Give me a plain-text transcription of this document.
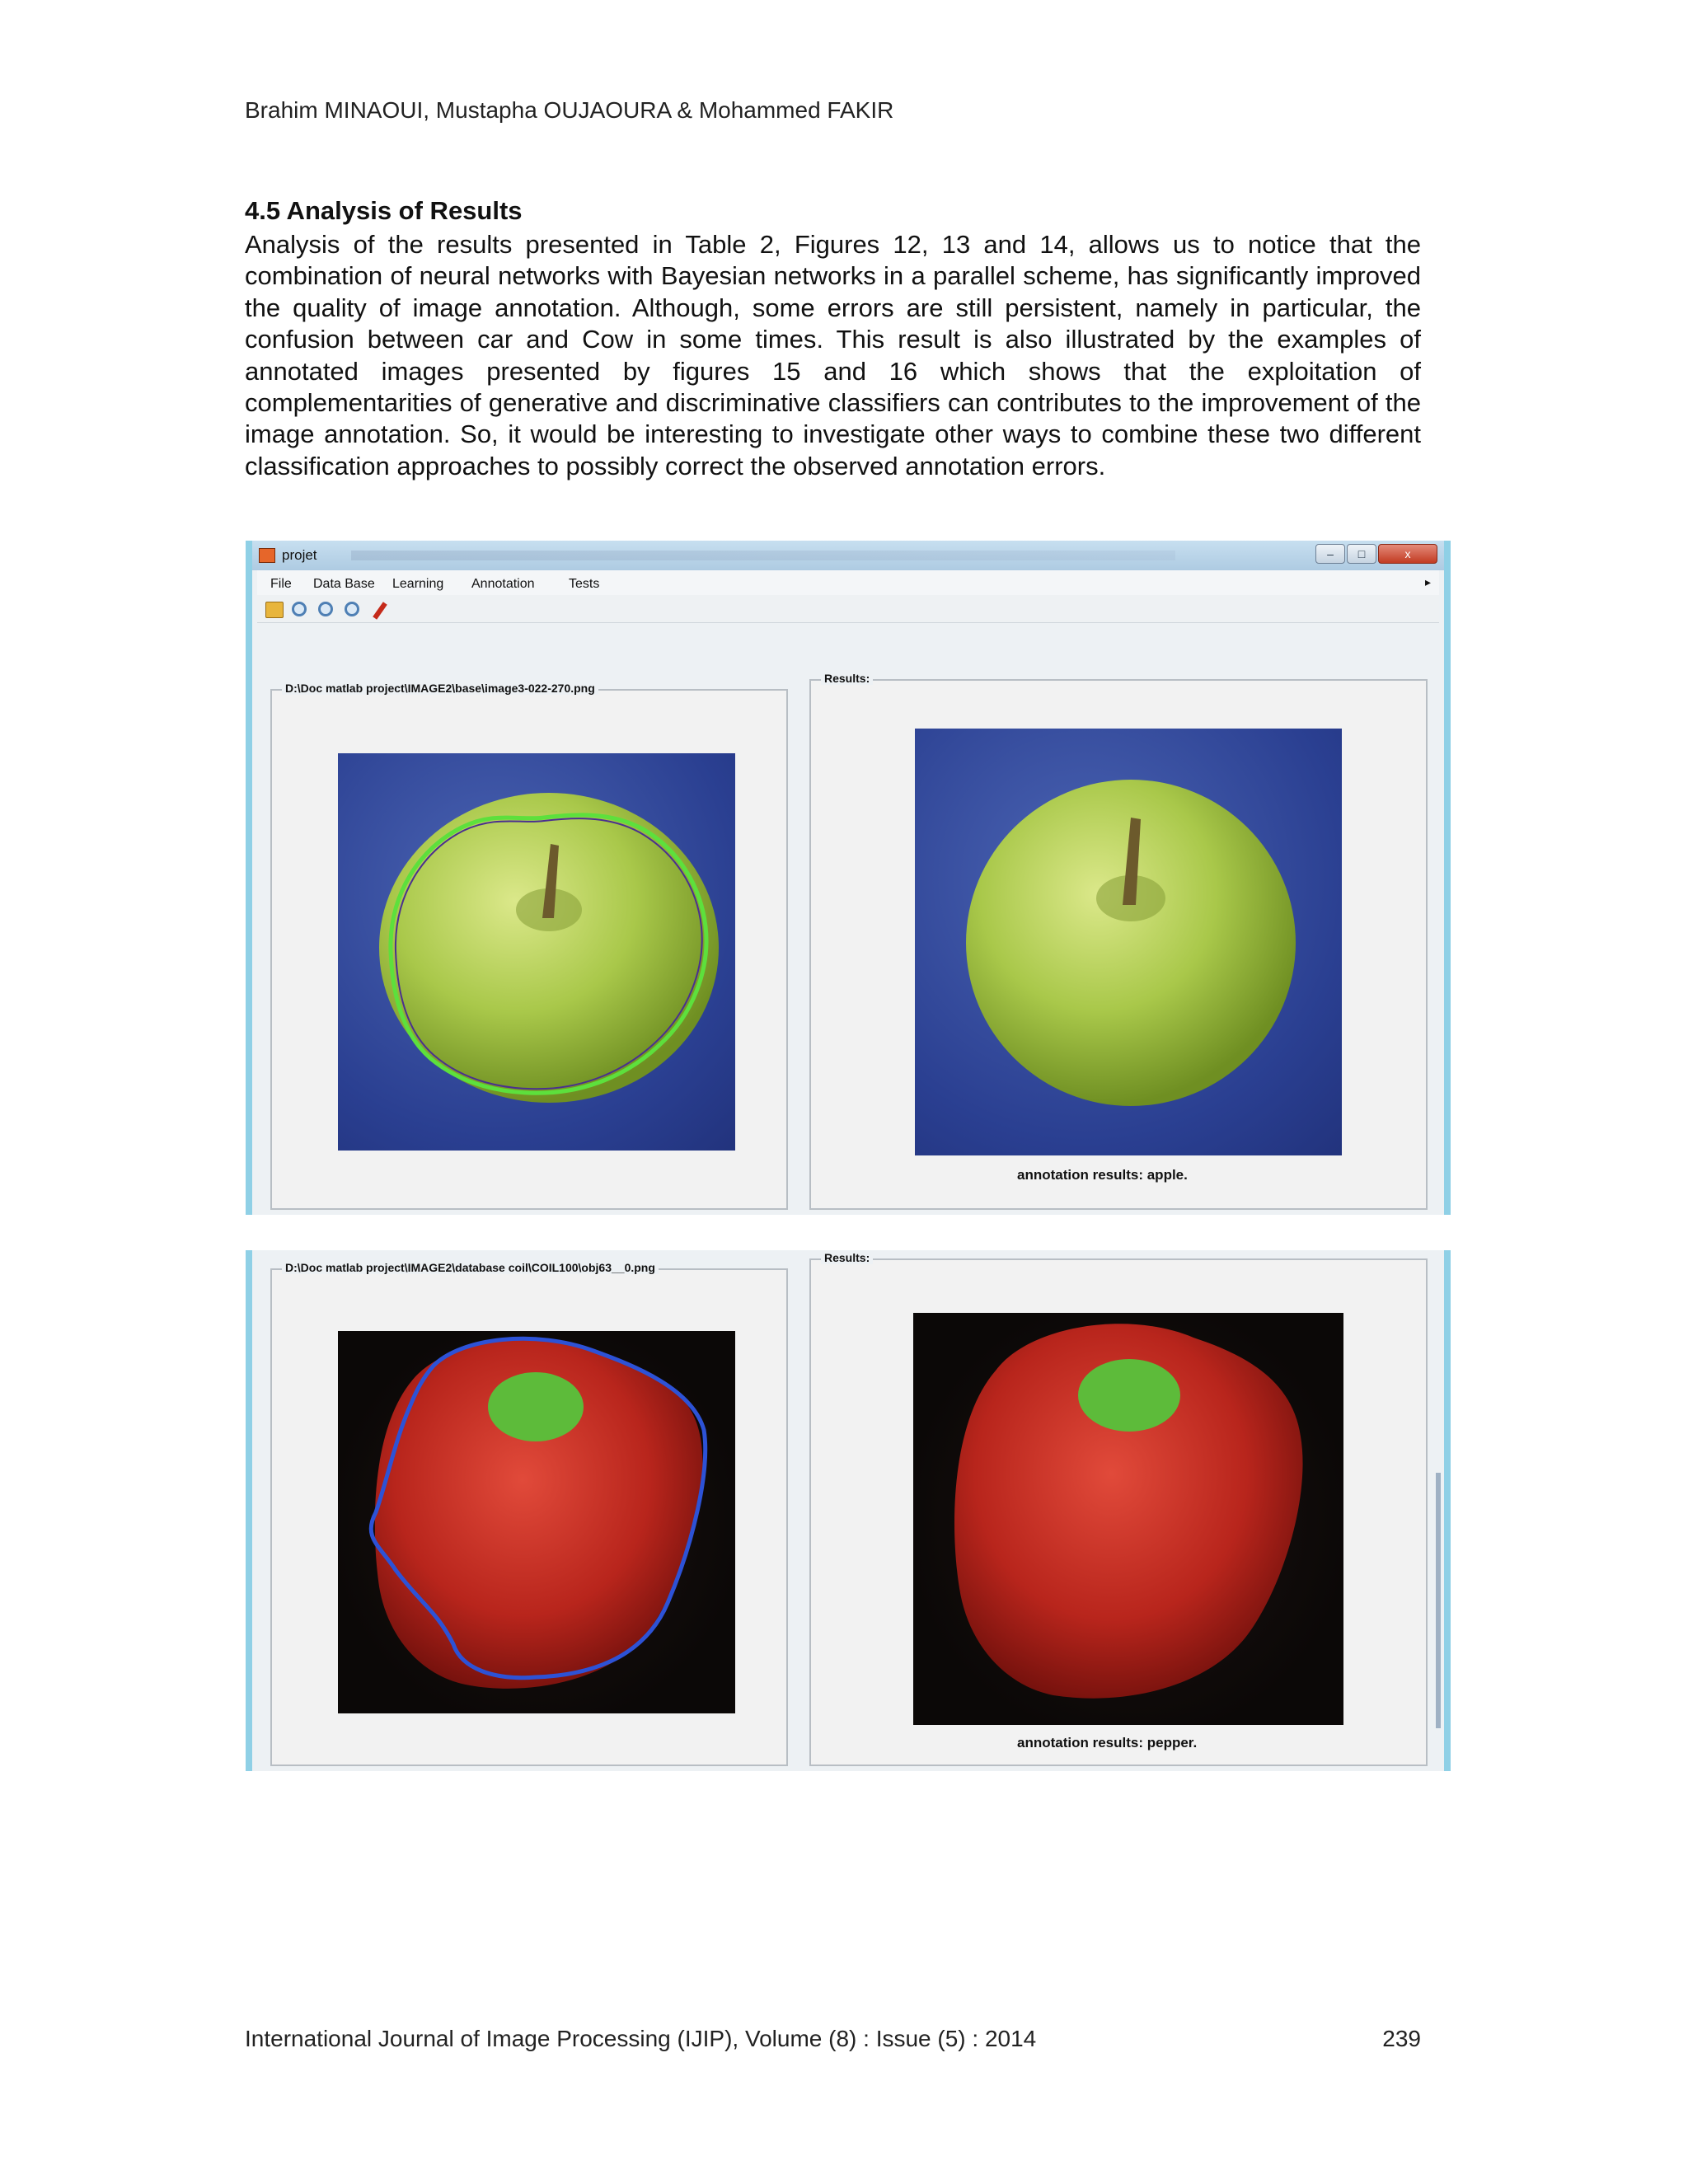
Brahim MINAOUI, Mustapha OUJAOURA & Mohammed FAKIR
4.5 Analysis of Results
Analysis of the results presented in Table 2, Figures 12, 13 and 14, allows us to notice that the combination of neural networks with Bayesian networks in a parallel scheme, has significantly improved the quality of image annotation. Although, some errors are still persistent, namely in particular, the confusion between car and Cow in some times. This result is also illustrated by the examples of annotated images presented by figures 15 and 16 which shows that the exploitation of complementarities of generative and discriminative classifiers can contributes to the improvement of the image annotation. So, it would be interesting to investigate other ways to combine these two different classification approaches to possibly correct the observed annotation errors.
projet	–	□	x
File Data Base Learning Annotation	Tests	▸
D:\Doc matlab project\IMAGE2\base\image3-022-270.png
Results:
annotation results: apple.
D:\Doc matlab project\IMAGE2\database coil\COIL100\obj63__0.png
Results:
annotation results: pepper.
International Journal of Image Processing (IJIP), Volume (8) : Issue (5) : 2014	239
